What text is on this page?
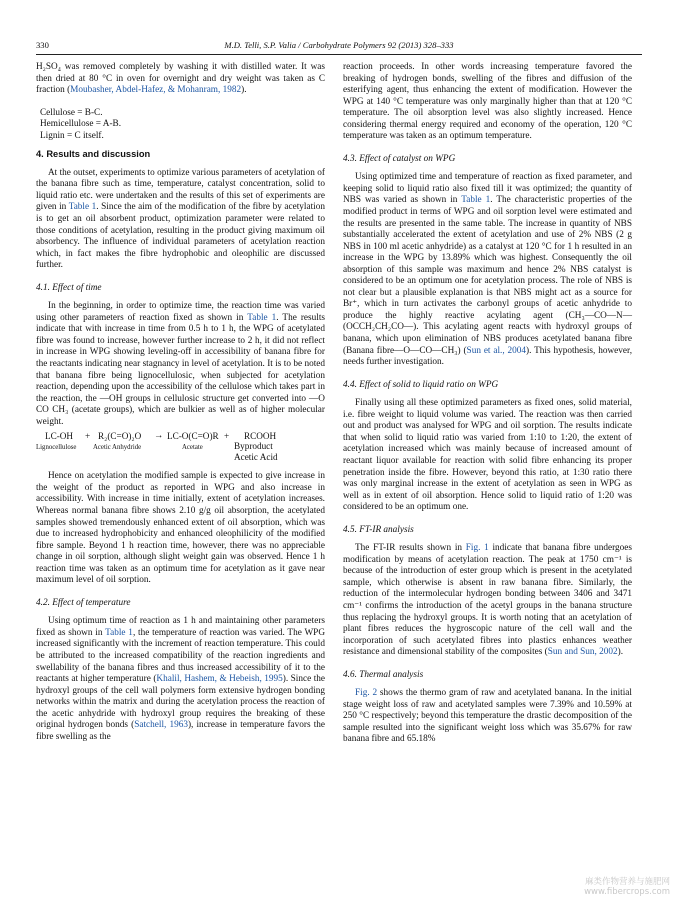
330	M.D. Telli, S.P. Valia / Carbohydrate Polymers 92 (2013) 328–333

H₂SO₄ was removed completely by washing it with distilled water. It was then dried at 80 °C in oven for overnight and dry weight was taken as C fraction (Moubasher, Abdel-Hafez, & Mohanram, 1982).

Cellulose = B-C.

Hemicellulose = A-B.

Lignin = C itself.

4. Results and discussion

At the outset, experiments to optimize various parameters of acetylation of the banana fibre such as time, temperature, catalyst concentration, solid to liquid ratio etc. were undertaken and the results of this set of experiments are given in Table 1. Since the aim of the modification of the fibre by acetylation is to get an oil absorbent product, optimization parameter were related to those conditions of acetylation, resulting in the product giving maximum oil absorbency. The influence of individual parameters of acetylation reaction which, in fact makes the fibre hydrophobic and oleophilic are discussed further.

4.1. Effect of time

In the beginning, in order to optimize time, the reaction time was varied using other parameters of reaction fixed as shown in Table 1. The results indicate that with increase in time from 0.5 h to 1 h, the WPG of acetylated fibre was found to increase, however further increase to 2 h, it did not reflect in increase in WPG showing leveling-off in accessibility of banana fibre for the reactants indicating near stagnancy in level of acetylation. It is to be noted that banana fibre being lignocellulosic, when subjected for acetylation reaction, depending upon the accessibility of the cellulose which takes part in the reaction, the —OH groups in cellulosic structure get converted into —O CO CH₃ (acetate groups), which are bulkier as well as of higher molecular weight.

LC-OH
Lignocellulose
+ R₂(C=O)₂O
Acetic Anhydride
→ LC-O(C=O)R
Acetate
+ RCOOH
Byproduct
Acetic Acid

Hence on acetylation the modified sample is expected to give increase in the weight of the product as reported in WPG and also increase in accessibility. With increase in time initially, extent of acetylation increases. Whereas normal banana fibre shows 2.10 g/g oil absorption, the acetylated samples showed tremendously enhanced extent of oil absorption, which was due to increased hydrophobicity and enhanced oleophilicity of the modified fibre sample. Beyond 1 h reaction time, however, there was no appreciable change in oil sorption, although slight weight gain was observed. Hence 1 h reaction time was taken as an optimum time for acetylation as it gave near maximum level of oil sorption.

4.2. Effect of temperature

Using optimum time of reaction as 1 h and maintaining other parameters fixed as shown in Table 1, the temperature of reaction was varied. The WPG increased significantly with the increment of reaction temperature. This could be attributed to the increased compatibility of the reaction ingredients and swellability of the banana fibres and thus increased accessibility of it to the reactants at higher temperature (Khalil, Hashem, & Hebeish, 1995). Since the hydroxyl groups of the cell wall polymers form extensive hydrogen bonding networks within the matrix and during the acetylation process the reaction of the acetic anhydride with hydroxyl group requires the breaking of these original hydrogen bonds (Satchell, 1963), increase in temperature favors the fibre swelling as the

reaction proceeds. In other words increasing temperature favored the breaking of hydrogen bonds, swelling of the fibres and diffusion of the esterifying agent, thus enhancing the extent of modification. However the WPG at 140 °C temperature was only marginally higher than that at 120 °C temperature. The oil absorption level was also slightly increased. Hence considering thermal energy required and economy of the operation, 120 °C temperature was taken as an optimum temperature.

4.3. Effect of catalyst on WPG

Using optimized time and temperature of reaction as fixed parameter, and keeping solid to liquid ratio also fixed till it was optimized; the quantity of NBS was varied as shown in Table 1. The characteristic properties of the modified product in terms of WPG and oil sorption level were estimated and the results are presented in the same table. The increase in quantity of NBS substantially accelerated the extent of acetylation and use of 2% NBS (2 g NBS in 100 ml acetic anhydride) as a catalyst at 120 °C for 1 h resulted in an increase in the WPG by 13.89% which was highest. Consequently the oil absorption of this sample was maximum and hence 2% NBS catalyst is considered to be an optimum one for acetylation process. The role of NBS is not clear but a plausible explanation is that NBS might act as a source for Br⁺, which in turn activates the carbonyl groups of acetic anhydride to produce the highly reactive acylating agent (CH₃—CO—N—(OCCH₂CH₂CO—). This acylating agent reacts with hydroxyl groups of banana, which upon elimination of NBS produces acetylated banana fibre (Banana fibre—O—CO—CH₃) (Sun et al., 2004). This hypothesis, however, needs further investigation.

4.4. Effect of solid to liquid ratio on WPG

Finally using all these optimized parameters as fixed ones, solid material, i.e. fibre weight to liquid volume was varied. The reaction was then carried out and product was analysed for WPG and oil sorption. The results indicate that when solid to liquid ratio was varied from 1:10 to 1:20, the extent of acetylation increased which was mainly because of increased amount of reactant liquor available for reaction with solid fibre enhancing its proper penetration inside the fibre. However, beyond this ratio, at 1:30 ratio there was only marginal increase in the extent of acetylation as seen in WPG as well as in extent of oil absorption. Hence solid to liquid ratio of 1:20 was considered to be an optimum one.

4.5. FT-IR analysis

The FT-IR results shown in Fig. 1 indicate that banana fibre undergoes modification by means of acetylation reaction. The peak at 1750 cm⁻¹ is because of the introduction of ester group which is present in the acetylated sample, which otherwise is absent in raw banana fibre. Similarly, the reduction of the intermolecular hydrogen bonding between 3406 and 3471 cm⁻¹ confirms the introduction of the acetyl groups in the banana structure thus replacing the hydroxyl groups. It is worth noting that an acetylation of plant fibres reduces the hygroscopic nature of the cell wall and the incorporation of such acetylated fibres into plastics enhances weather resistance and dimensional stability of the composites (Sun and Sun, 2002).

4.6. Thermal analysis

Fig. 2 shows the thermo gram of raw and acetylated banana. In the initial stage weight loss of raw and acetylated samples were 7.39% and 10.59% at 250 °C respectively; beyond this temperature the drastic decomposition of the sample resulted into the significant weight loss which was 35.67% for raw banana fibre and 65.18%

麻类作物营养与施肥网
www.fibercrops.com
